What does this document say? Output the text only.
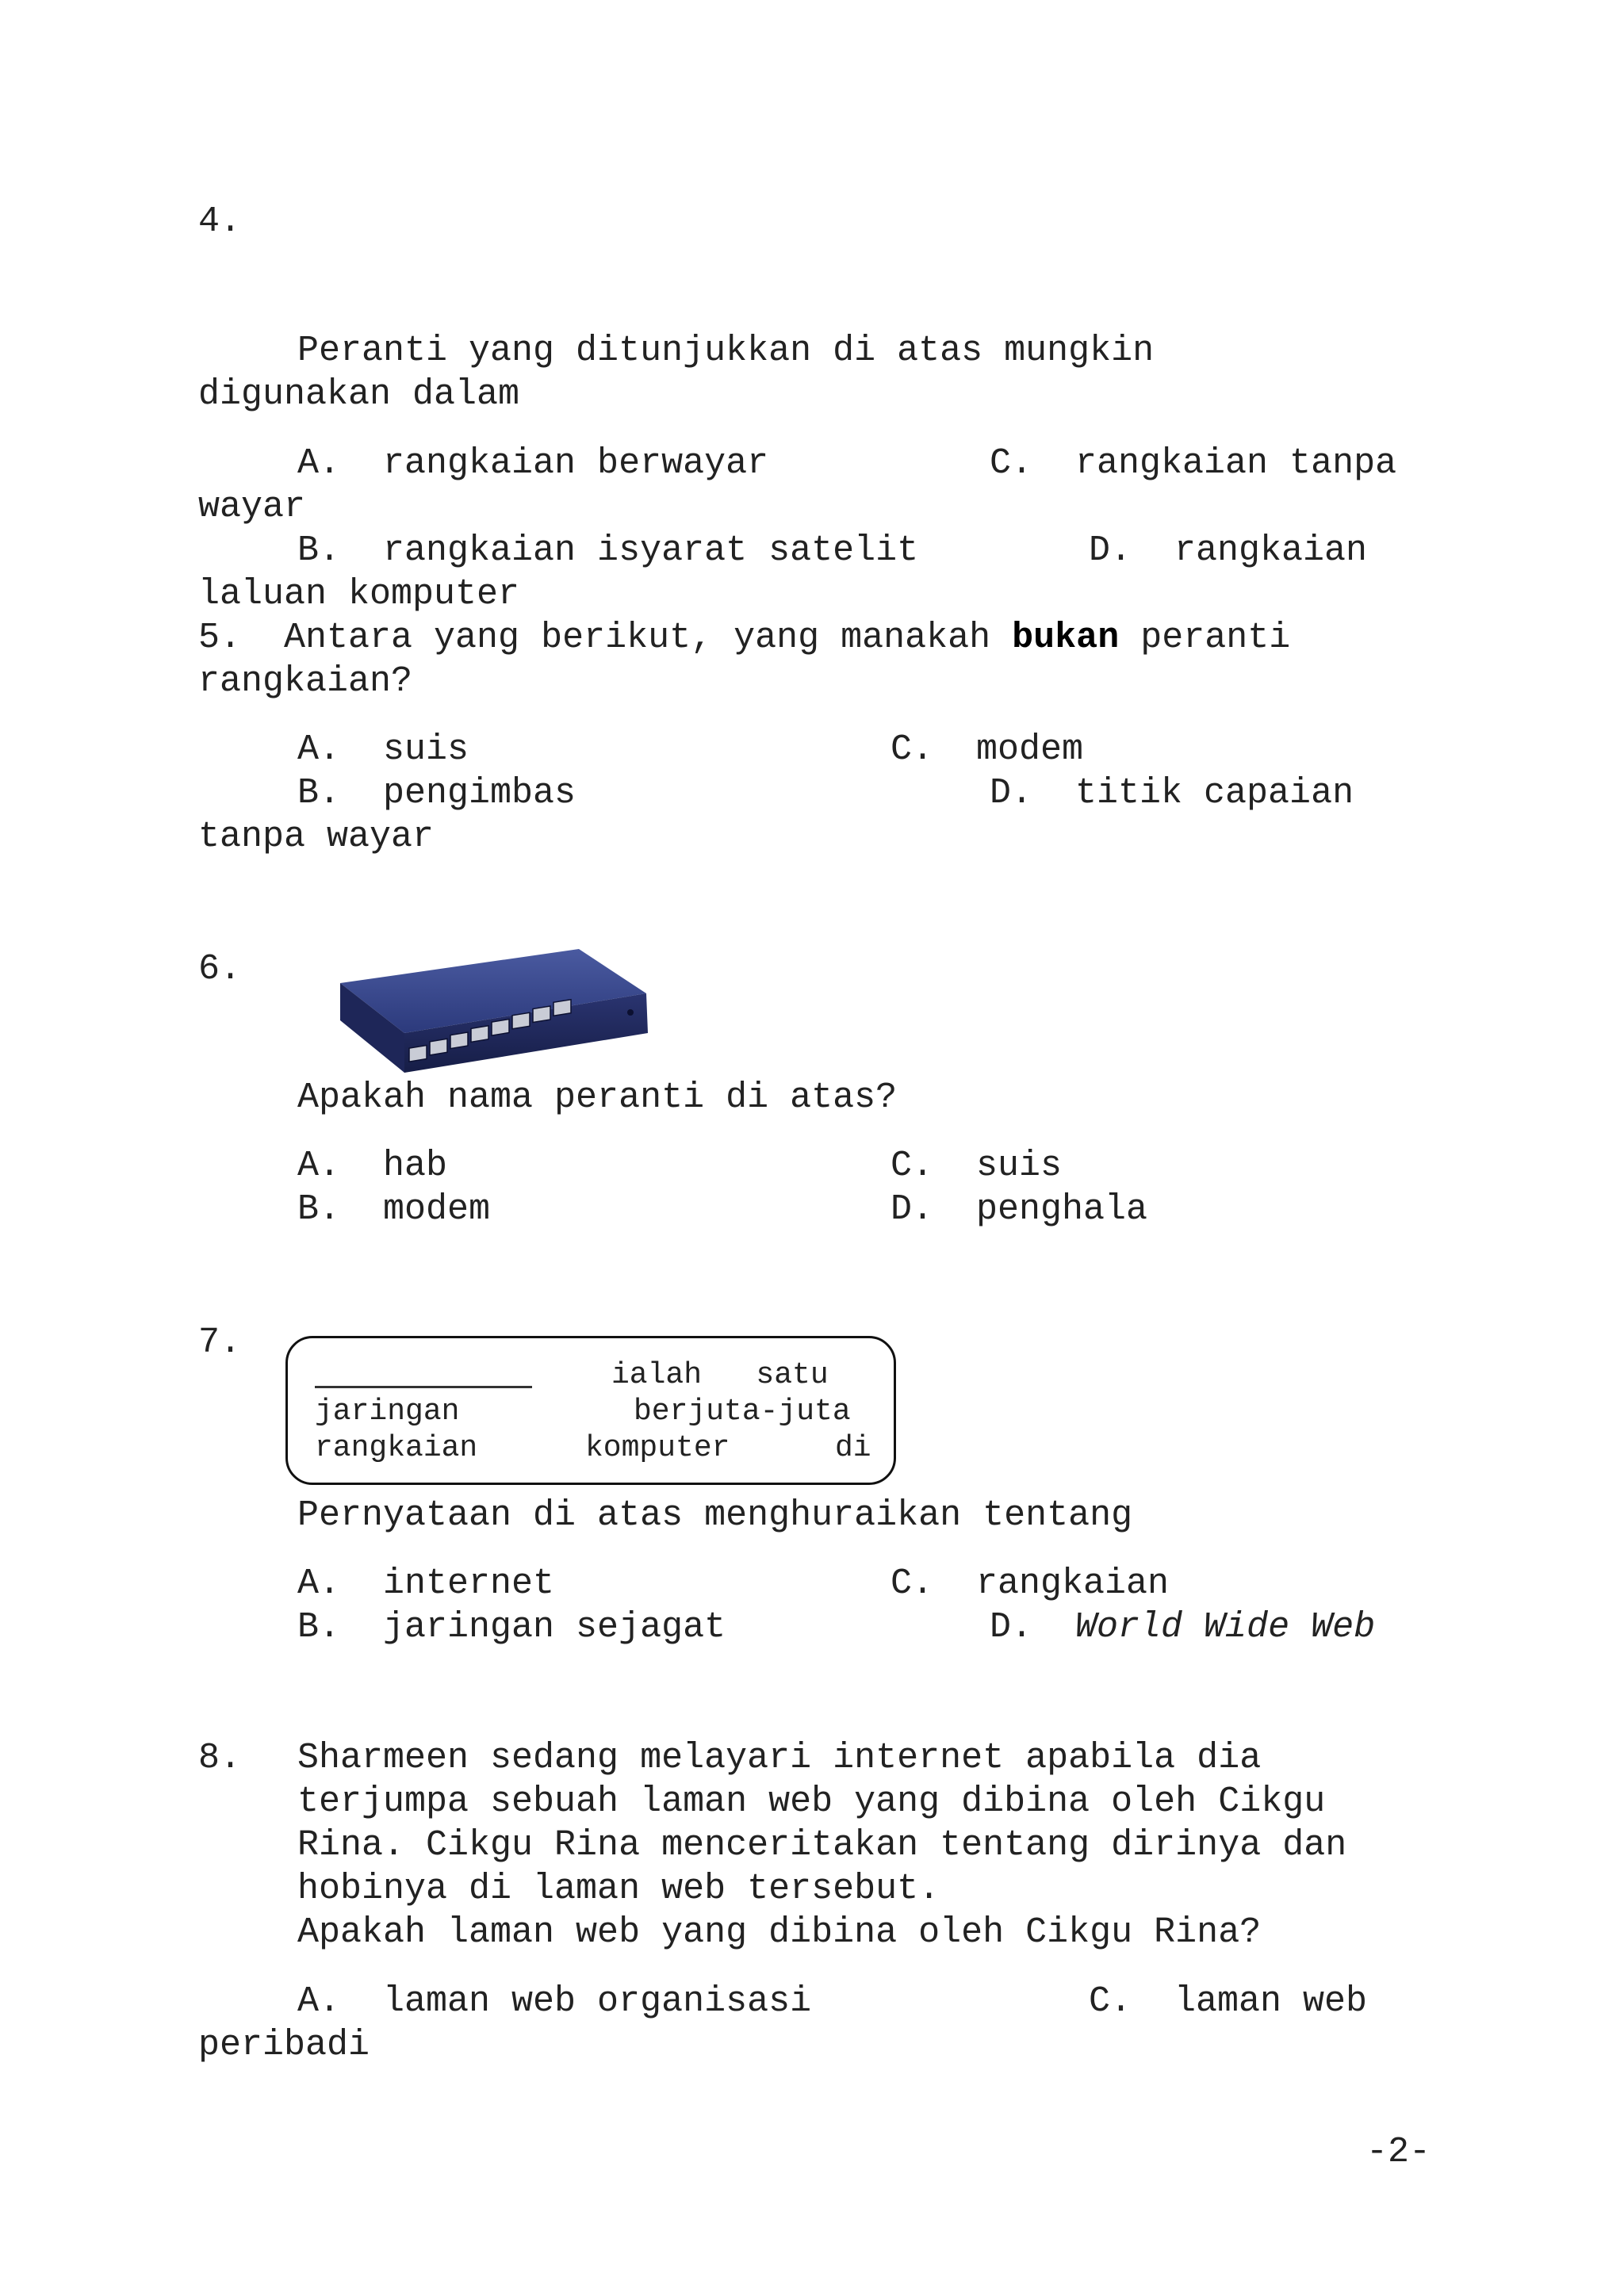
4.
Peranti yang ditunjukkan di atas mungkin
digunakan dalam
A.  rangkaian berwayar	C.  rangkaian tanpa
wayar
B.  rangkaian isyarat satelit	D.  rangkaian
laluan komputer
5.  Antara yang berikut, yang manakah bukan peranti
rangkaian?
A.  suis	C.  modem
B.  pengimbas	D.  titik capaian
tanpa wayar
6.
Apakah nama peranti di atas?
A.  hab	C.  suis
B.  modem	D.  penghala
7.
ialah   satu
jaringan	berjuta-juta
rangkaian	komputer	di
Pernyataan di atas menghuraikan tentang
A.  internet	C.  rangkaian
B.  jaringan sejagat	D.  World Wide Web
8. Sharmeen sedang melayari internet apabila dia
terjumpa sebuah laman web yang dibina oleh Cikgu
Rina. Cikgu Rina menceritakan tentang dirinya dan
hobinya di laman web tersebut.
Apakah laman web yang dibina oleh Cikgu Rina?
A.  laman web organisasi	C.  laman web
peribadi
-2-
